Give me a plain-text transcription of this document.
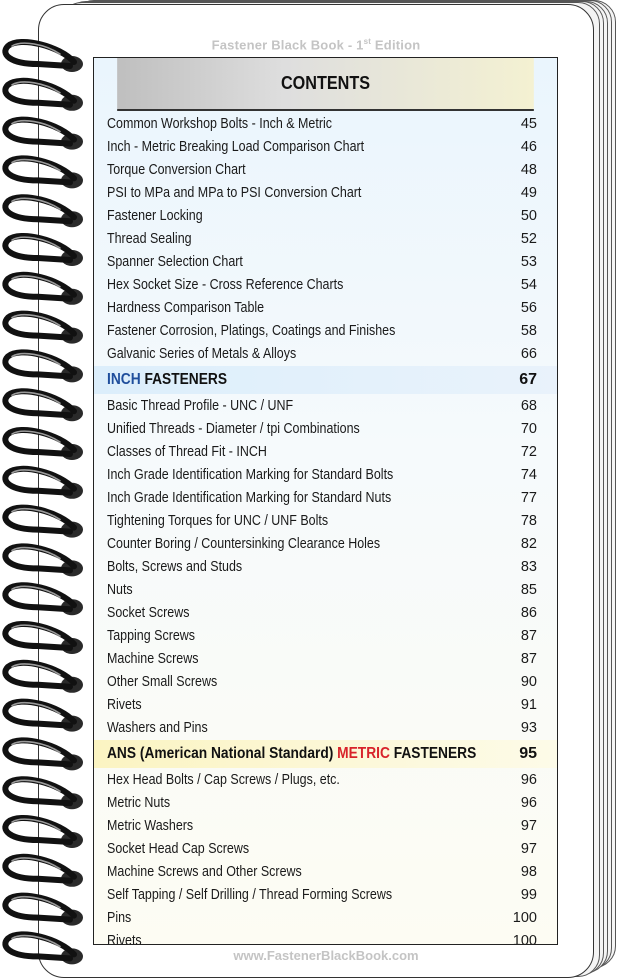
Fastener Black Book - 1st Edition
CONTENTS
Common Workshop Bolts - Inch & Metric	45
Inch - Metric Breaking Load Comparison Chart	46
Torque Conversion Chart	48
PSI to MPa and MPa to PSI Conversion Chart	49
Fastener Locking	50
Thread Sealing	52
Spanner Selection Chart	53
Hex Socket Size - Cross Reference Charts	54
Hardness Comparison Table	56
Fastener Corrosion, Platings, Coatings and Finishes	58
Galvanic Series of Metals & Alloys	66
INCH FASTENERS	67
Basic Thread Profile - UNC / UNF	68
Unified Threads - Diameter / tpi Combinations	70
Classes of Thread Fit - INCH	72
Inch Grade Identification Marking for Standard Bolts	74
Inch Grade Identification Marking for Standard Nuts	77
Tightening Torques for UNC / UNF Bolts	78
Counter Boring / Countersinking Clearance Holes	82
Bolts, Screws and Studs	83
Nuts	85
Socket Screws	86
Tapping Screws	87
Machine Screws	87
Other Small Screws	90
Rivets	91
Washers and Pins	93
ANS (American National Standard) METRIC FASTENERS	95
Hex Head Bolts / Cap Screws / Plugs, etc.	96
Metric Nuts	96
Metric Washers	97
Socket Head Cap Screws	97
Machine Screws and Other Screws	98
Self Tapping / Self Drilling / Thread Forming Screws	99
Pins	100
Rivets	100
www.FastenerBlackBook.com
